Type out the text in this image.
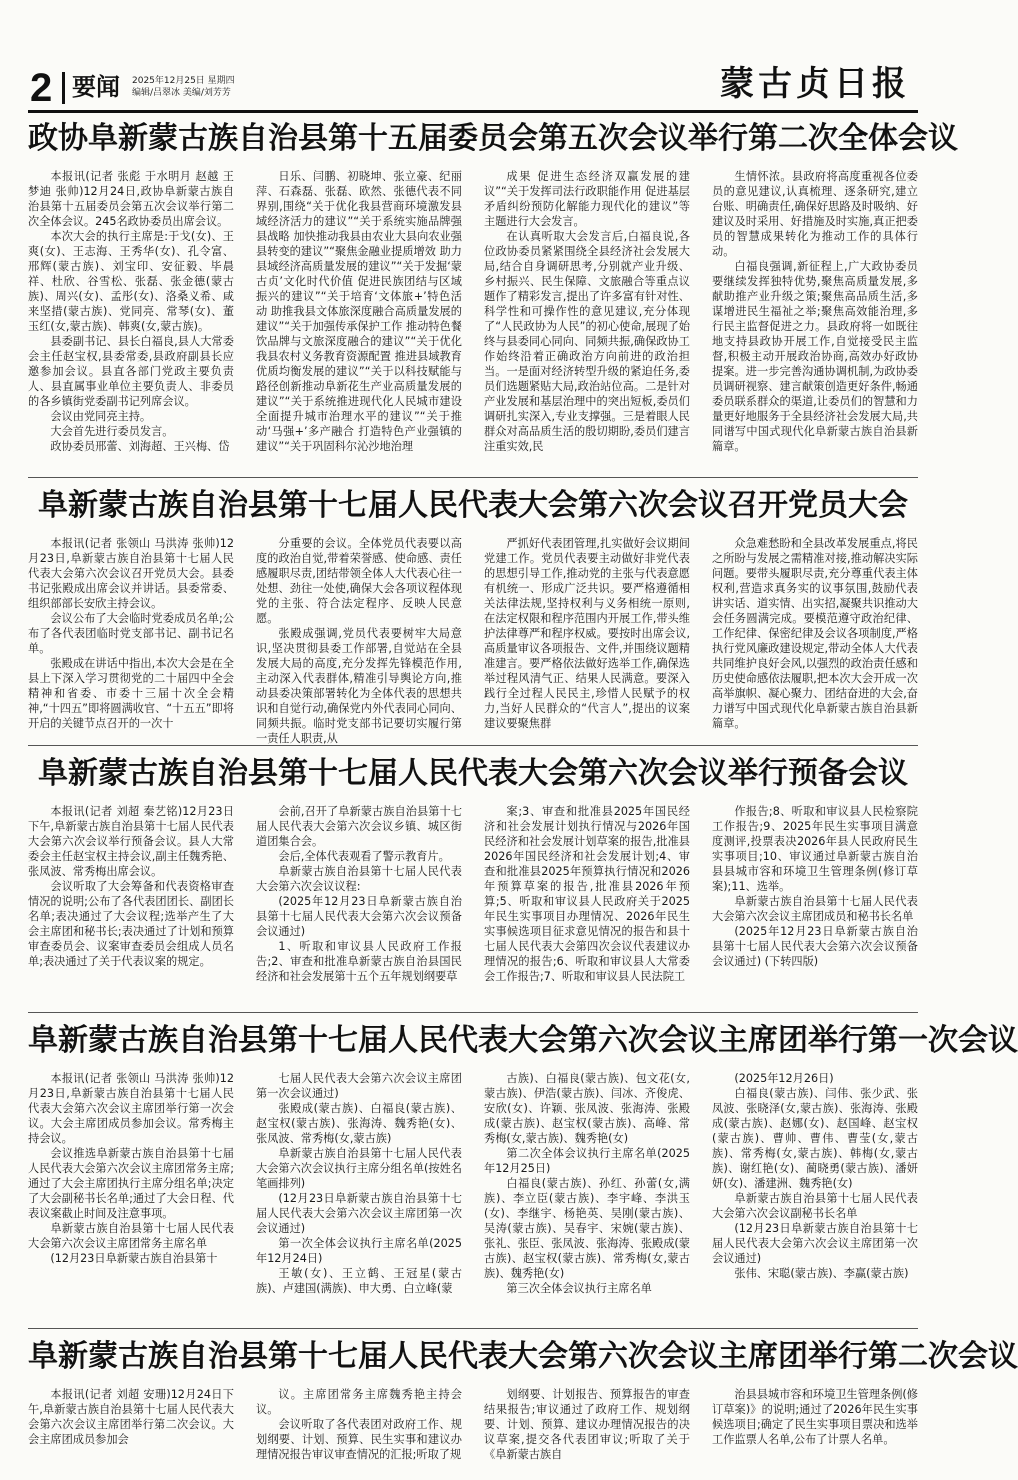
2 要闻 2025年12月25日 星期四
编辑/吕翠冰 美编/刘芳芳	蒙古贞日报
政协阜新蒙古族自治县第十五届委员会第五次会议举行第二次全体会议

本报讯(记者 张彪 于水明月 赵越 王梦迪 张帅)12月24日,政协阜新蒙古族自治县第十五届委员会第五次会议举行第二次全体会议。245名政协委员出席会议。

本次大会的执行主席是:于戈(女)、王爽(女)、王志海、王秀华(女)、孔令富、邢辉(蒙古族)、刘宝印、安征毅、毕晨祥、杜欣、谷雪松、张磊、张金德(蒙古族)、周兴(女)、孟彤(女)、洛桑义希、咸来坚措(蒙古族)、党同亮、常琴(女)、董玉红(女,蒙古族)、韩爽(女,蒙古族)。

县委副书记、县长白福良,县人大常委会主任赵宝权,县委常委,县政府副县长应邀参加会议。县直各部门党政主要负责人、县直属事业单位主要负责人、非委员的各乡镇街党委副书记列席会议。

会议由党同亮主持。

大会首先进行委员发言。

政协委员邢蕾、刘海超、王兴梅、岱

日乐、闫鹏、初晓坤、张立豪、纪丽萍、石森磊、张磊、欧然、张德代表不同界别,围绕“关于优化我县营商环境激发县域经济活力的建议”“关于系统实施品牌强县战略 加快推动我县由农业大县向农业强县转变的建议”“聚焦金融业提质增效 助力县域经济高质量发展的建议”“关于发掘‘蒙古贞’文化时代价值 促进民族团结与区域振兴的建议”“关于培育‘文体旅+’特色活动 助推我县文体旅深度融合高质量发展的建议”“关于加强传承保护工作 推动特色餐饮品牌与文旅深度融合的建议”“关于优化我县农村义务教育资源配置 推进县域教育优质均衡发展的建议”“关于以科技赋能与路径创新推动阜新花生产业高质量发展的建议”“关于系统推进现代化人民城市建设 全面提升城市治理水平的建议”“关于推动‘马强+’多产融合 打造特色产业强镇的建议”“关于巩固科尔沁沙地治理

成果 促进生态经济双赢发展的建议”“关于发挥司法行政职能作用 促进基层矛盾纠纷预防化解能力现代化的建议”等主题进行大会发言。

在认真听取大会发言后,白福良说,各位政协委员紧紧围绕全县经济社会发展大局,结合自身调研思考,分别就产业升级、乡村振兴、民生保障、文旅融合等重点议题作了精彩发言,提出了许多富有针对性、科学性和可操作性的意见建议,充分体现了“人民政协为人民”的初心使命,展现了始终与县委同心同向、同频共振,确保政协工作始终沿着正确政治方向前进的政治担当。一是面对经济转型升级的紧迫任务,委员们选题紧贴大局,政治站位高。二是针对产业发展和基层治理中的突出短板,委员们调研扎实深入,专业支撑强。三是着眼人民群众对高品质生活的殷切期盼,委员们建言注重实效,民

生情怀浓。县政府将高度重视各位委员的意见建议,认真梳理、逐条研究,建立台账、明确责任,确保好思路及时吸纳、好建议及时采用、好措施及时实施,真正把委员的智慧成果转化为推动工作的具体行动。

白福良强调,新征程上,广大政协委员要继续发挥独特优势,聚焦高质量发展,多献助推产业升级之策;聚焦高品质生活,多谋增进民生福祉之举;聚焦高效能治理,多行民主监督促进之力。县政府将一如既往地支持县政协开展工作,自觉接受民主监督,积极主动开展政治协商,高效办好政协提案。进一步完善沟通协调机制,为政协委员调研视察、建言献策创造更好条件,畅通委员联系群众的渠道,让委员们的智慧和力量更好地服务于全县经济社会发展大局,共同谱写中国式现代化阜新蒙古族自治县新篇章。

阜新蒙古族自治县第十七届人民代表大会第六次会议召开党员大会

本报讯(记者 张领山 马洪涛 张帅)12月23日,阜新蒙古族自治县第十七届人民代表大会第六次会议召开党员大会。县委书记张殿成出席会议并讲话。县委常委、组织部部长安欣主持会议。

会议公布了大会临时党委成员名单;公布了各代表团临时党支部书记、副书记名单。

张殿成在讲话中指出,本次大会是在全县上下深入学习贯彻党的二十届四中全会精神和省委、市委十三届十次全会精神,“十四五”即将圆满收官、“十五五”即将开启的关键节点召开的一次十

分重要的会议。全体党员代表要以高度的政治自觉,带着荣誉感、使命感、责任感履职尽责,团结带领全体人大代表心往一处想、劲往一处使,确保大会各项议程体现党的主张、符合法定程序、反映人民意愿。

张殿成强调,党员代表要树牢大局意识,坚决贯彻县委工作部署,自觉站在全县发展大局的高度,充分发挥先锋模范作用,主动深入代表群体,精准引导舆论方向,推动县委决策部署转化为全体代表的思想共识和自觉行动,确保党内外代表同心同向、同频共振。临时党支部书记要切实履行第一责任人职责,从

严抓好代表团管理,扎实做好会议期间党建工作。党员代表要主动做好非党代表的思想引导工作,推动党的主张与代表意愿有机统一、形成广泛共识。要严格遵循相关法律法规,坚持权利与义务相统一原则,在法定权限和程序范围内开展工作,带头维护法律尊严和程序权威。要按时出席会议,高质量审议各项报告、文件,并围绕议题精准建言。要严格依法做好选举工作,确保选举过程风清气正、结果人民满意。要深入践行全过程人民民主,珍惜人民赋予的权力,当好人民群众的“代言人”,提出的议案建议要聚焦群

众急难愁盼和全县改革发展重点,将民之所盼与发展之需精准对接,推动解决实际问题。要带头履职尽责,充分尊重代表主体权利,营造求真务实的议事氛围,鼓励代表讲实话、道实情、出实招,凝聚共识推动大会任务圆满完成。要模范遵守政治纪律、工作纪律、保密纪律及会议各项制度,严格执行党风廉政建设规定,带动全体人大代表共同维护良好会风,以强烈的政治责任感和历史使命感依法履职,把本次大会开成一次高举旗帜、凝心聚力、团结奋进的大会,奋力谱写中国式现代化阜新蒙古族自治县新篇章。

阜新蒙古族自治县第十七届人民代表大会第六次会议举行预备会议

本报讯(记者 刘超 秦艺铭)12月23日下午,阜新蒙古族自治县第十七届人民代表大会第六次会议举行预备会议。县人大常委会主任赵宝权主持会议,副主任魏秀艳、张凤波、常秀梅出席会议。

会议听取了大会筹备和代表资格审查情况的说明;公布了各代表团团长、副团长名单;表决通过了大会议程;选举产生了大会主席团和秘书长;表决通过了计划和预算审查委员会、议案审查委员会组成人员名单;表决通过了关于代表议案的规定。

会前,召开了阜新蒙古族自治县第十七届人民代表大会第六次会议乡镇、城区街道团集合会。

会后,全体代表观看了警示教育片。

阜新蒙古族自治县第十七届人民代表大会第六次会议议程:

(2025年12月23日阜新蒙古族自治县第十七届人民代表大会第六次会议预备会议通过)

1、听取和审议县人民政府工作报告;2、审查和批准阜新蒙古族自治县国民经济和社会发展第十五个五年规划纲要草

案;3、审查和批准县2025年国民经济和社会发展计划执行情况与2026年国民经济和社会发展计划草案的报告,批准县2026年国民经济和社会发展计划;4、审查和批准县2025年预算执行情况和2026年预算草案的报告,批准县2026年预算;5、听取和审议县人民政府关于2025年民生实事项目办理情况、2026年民生实事候选项目征求意见情况的报告和县十七届人民代表大会第四次会议代表建议办理情况的报告;6、听取和审议县人大常委会工作报告;7、听取和审议县人民法院工

作报告;8、听取和审议县人民检察院工作报告;9、2025年民生实事项目满意度测评,投票表决2026年县人民政府民生实事项目;10、审议通过阜新蒙古族自治县县城市容和环境卫生管理条例(修订草案);11、选举。

阜新蒙古族自治县第十七届人民代表大会第六次会议主席团成员和秘书长名单

(2025年12月23日阜新蒙古族自治县第十七届人民代表大会第六次会议预备会议通过) (下转四版)

阜新蒙古族自治县第十七届人民代表大会第六次会议主席团举行第一次会议

本报讯(记者 张领山 马洪涛 张帅)12月23日,阜新蒙古族自治县第十七届人民代表大会第六次会议主席团举行第一次会议。大会主席团成员参加会议。常秀梅主持会议。

会议推选阜新蒙古族自治县第十七届人民代表大会第六次会议主席团常务主席;通过了大会主席团执行主席分组名单;决定了大会副秘书长名单;通过了大会日程、代表议案截止时间及注意事项。

阜新蒙古族自治县第十七届人民代表大会第六次会议主席团常务主席名单

(12月23日阜新蒙古族自治县第十

七届人民代表大会第六次会议主席团第一次会议通过)

张殿成(蒙古族)、白福良(蒙古族)、赵宝权(蒙古族)、张海涛、魏秀艳(女)、张凤波、常秀梅(女,蒙古族)

阜新蒙古族自治县第十七届人民代表大会第六次会议执行主席分组名单(按姓名笔画排列)

(12月23日阜新蒙古族自治县第十七届人民代表大会第六次会议主席团第一次会议通过)

第一次全体会议执行主席名单(2025年12月24日)

王敏(女)、王立鹤、王冠星(蒙古族)、卢建国(满族)、申大勇、白立峰(蒙

古族)、白福良(蒙古族)、包文花(女,蒙古族)、伊浩(蒙古族)、闫冰、齐俊虎、安欣(女)、许颖、张凤波、张海涛、张殿成(蒙古族)、赵宝权(蒙古族)、高峰、常秀梅(女,蒙古族)、魏秀艳(女)

第二次全体会议执行主席名单(2025年12月25日)

白福良(蒙古族)、孙红、孙蕾(女,满族)、李立臣(蒙古族)、李宇峰、李洪玉(女)、李继宇、杨艳英、吴刚(蒙古族)、吴涛(蒙古族)、吴春宇、宋婉(蒙古族)、张礼、张臣、张凤波、张海涛、张殿成(蒙古族)、赵宝权(蒙古族)、常秀梅(女,蒙古族)、魏秀艳(女)

第三次全体会议执行主席名单

(2025年12月26日)

白福良(蒙古族)、闫伟、张少武、张凤波、张晓泽(女,蒙古族)、张海涛、张殿成(蒙古族)、赵娜(女)、赵国峰、赵宝权(蒙古族)、曹帅、曹伟、曹莹(女,蒙古族)、常秀梅(女,蒙古族)、韩梅(女,蒙古族)、谢红艳(女)、蔺晓勇(蒙古族)、潘妍妍(女)、潘建洲、魏秀艳(女)

阜新蒙古族自治县第十七届人民代表大会第六次会议副秘书长名单

(12月23日阜新蒙古族自治县第十七届人民代表大会第六次会议主席团第一次会议通过)

张伟、宋聪(蒙古族)、李赢(蒙古族)

阜新蒙古族自治县第十七届人民代表大会第六次会议主席团举行第二次会议

本报讯(记者 刘超 安珊)12月24日下午,阜新蒙古族自治县第十七届人民代表大会第六次会议主席团举行第二次会议。大会主席团成员参加会

议。主席团常务主席魏秀艳主持会议。

会议听取了各代表团对政府工作、规划纲要、计划、预算、民生实事和建议办理情况报告审议审查情况的汇报;听取了规

划纲要、计划报告、预算报告的审查结果报告;审议通过了政府工作、规划纲要、计划、预算、建议办理情况报告的决议草案,提交各代表团审议;听取了关于《阜新蒙古族自

治县县城市容和环境卫生管理条例(修订草案)》的说明;通过了2026年民生实事候选项目;确定了民生实事项目票决和选举工作监票人名单,公布了计票人名单。
